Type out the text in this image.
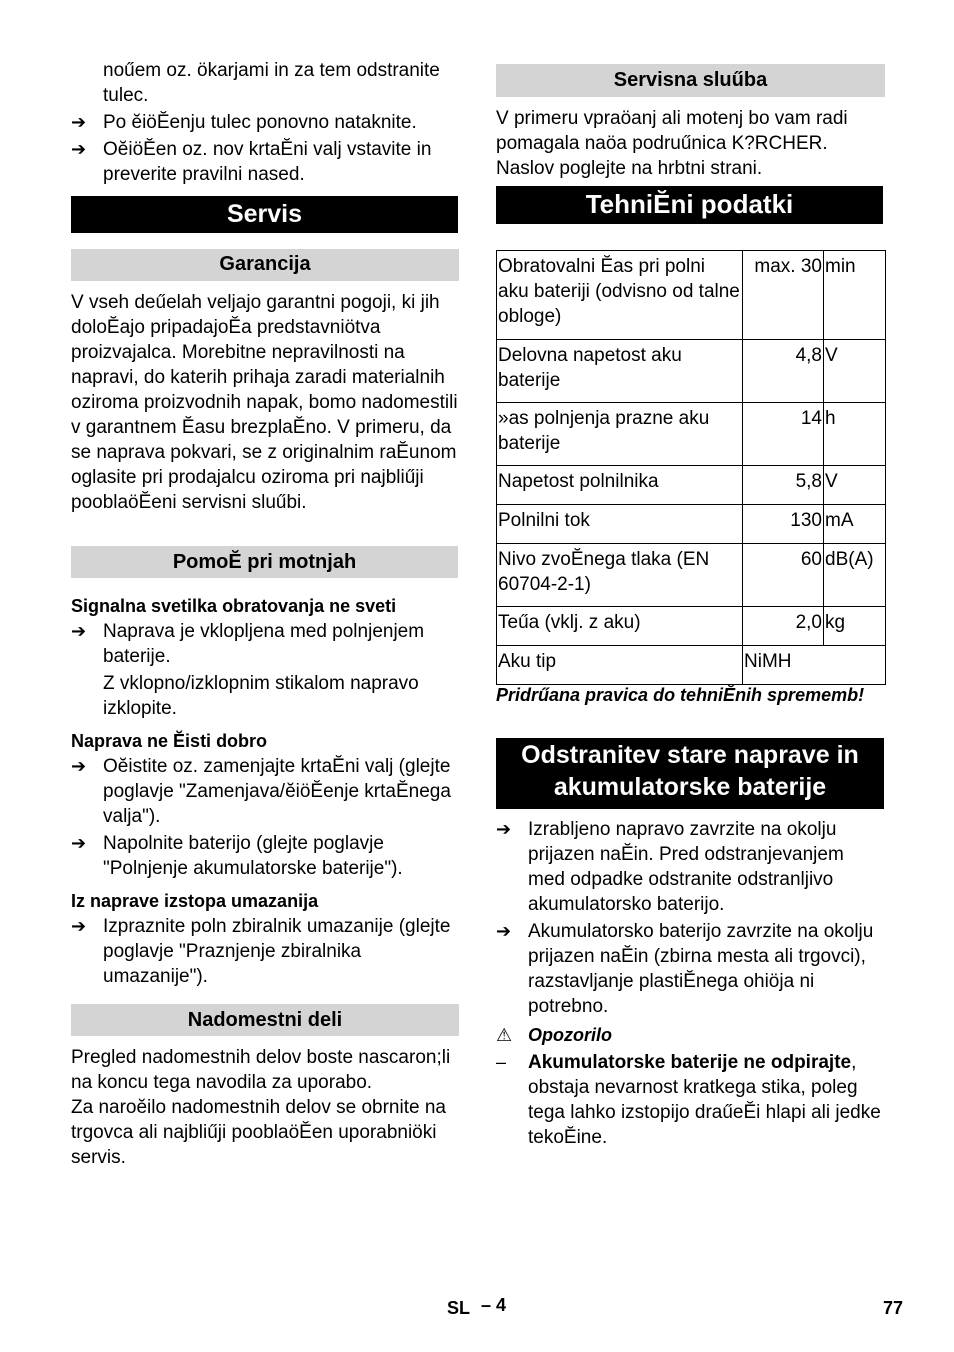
noűem oz. ökarjami in za tem odstranite tulec.

➔ Po ĕiöĔenju tulec ponovno nataknite.
➔ OĕiöĔen oz. nov krtaĔni valj vstavite in preverite pravilni nased.
Servis
Garancija

V vseh deűelah veljajo garantni pogoji, ki jih doloĔajo pripadajoĔa predstavniötva proizvajalca. Morebitne nepravilnosti na napravi, do katerih prihaja zaradi materialnih oziroma proizvodnih napak, bomo nadomestili v garantnem Ĕasu brezplaĔno. V primeru, da se naprava pokvari, se z originalnim raĔunom oglasite pri prodajalcu oziroma pri najbliűji pooblaöĔeni servisni sluűbi.

PomoĔ pri motnjah

Signalna svetilka obratovanja ne sveti

➔ Naprava je vklopljena med polnjenjem baterije.

Z vklopno/izklopnim stikalom napravo izklopite.

Naprava ne Ĕisti dobro

➔ Oĕistite oz. zamenjajte krtaĔni valj (glejte poglavje "Zamenjava/ĕiöĔenje krtaĔnega valja").
➔ Napolnite baterijo (glejte poglavje "Polnjenje akumulatorske baterije").

Iz naprave izstopa umazanija

➔ Izpraznite poln zbiralnik umazanije (glejte poglavje "Praznjenje zbiralnika umazanije").
Nadomestni deli

Pregled nadomestnih delov boste nascaron;li na koncu tega navodila za uporabo.

Za naroĕilo nadomestnih delov se obrnite na trgovca ali najbliűji pooblaöĔen uporabniöki servis.

Servisna sluűba

V primeru vpraöanj ali motenj bo vam radi pomagala naöa podruűnica K?RCHER. Naslov poglejte na hrbtni strani.

TehniĔni podatki
Obratovalni Ĕas pri polni aku bateriji (odvisno od talne obloge)	max. 30	min
Delovna napetost aku baterije	4,8	V
»as polnjenja prazne aku baterije	14	h
Napetost polnilnika	5,8	V
Polnilni tok	130	mA
Nivo zvoĔnega tlaka (EN 60704-2-1)	60	dB(A)
Teűa (vklj. z aku)	2,0	kg
Aku tip	NiMH	

Pridrűana pravica do tehniĔnih sprememb!

Odstranitev stare naprave in akumulatorske baterije
➔ Izrabljeno napravo zavrzite na okolju prijazen naĔin. Pred odstranjevanjem med odpadke odstranite odstranljivo akumulatorsko baterijo.
➔ Akumulatorsko baterijo zavrzite na okolju prijazen naĔin (zbirna mesta ali trgovci), razstavljanje plastiĔnega ohiöja ni potrebno.
⚠ Opozorilo
–	Akumulatorske baterije ne odpirajte, obstaja nevarnost kratkega stika, poleg tega lahko izstopijo draűeĔi hlapi ali jedke tekoĔine.
SL – 4	77
